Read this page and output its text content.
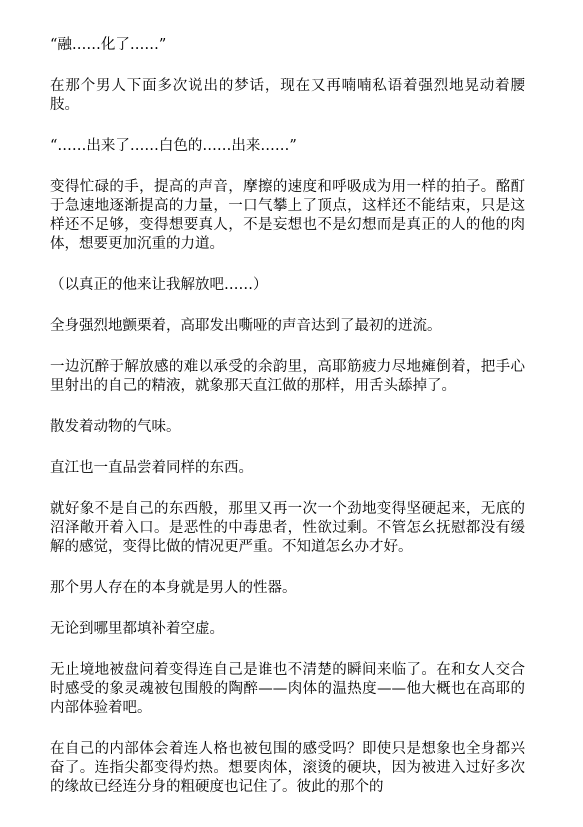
“融……化了……”

在那个男人下面多次说出的梦话，现在又再喃喃私语着强烈地晃动着腰肢。

“……出来了……白色的……出来……”

变得忙碌的手，提高的声音，摩擦的速度和呼吸成为用一样的拍子。酩酊于急速地逐渐提高的力量，一口气攀上了顶点，这样还不能结束，只是这样还不足够，变得想要真人，不是妄想也不是幻想而是真正的人的他的肉体，想要更加沉重的力道。

（以真正的他来让我解放吧……）

全身强烈地颤栗着，高耶发出嘶哑的声音达到了最初的迸流。

一边沉醉于解放感的难以承受的余韵里，高耶筋疲力尽地瘫倒着，把手心里射出的自己的精液，就象那天直江做的那样，用舌头舔掉了。

散发着动物的气味。

直江也一直品尝着同样的东西。

就好象不是自己的东西般，那里又再一次一个劲地变得坚硬起来，无底的沼泽敞开着入口。是恶性的中毒患者，性欲过剩。不管怎幺抚慰都没有缓解的感觉，变得比做的情况更严重。不知道怎幺办才好。

那个男人存在的本身就是男人的性器。

无论到哪里都填补着空虚。

无止境地被盘问着变得连自己是谁也不清楚的瞬间来临了。在和女人交合时感受的象灵魂被包围般的陶醉——肉体的温热度——他大概也在高耶的内部体验着吧。

在自己的内部体会着连人格也被包围的感受吗？即使只是想象也全身都兴奋了。连指尖都变得灼热。想要肉体，滚烫的硬块，因为被进入过好多次的缘故已经连分身的粗硬度也记住了。彼此的那个的
